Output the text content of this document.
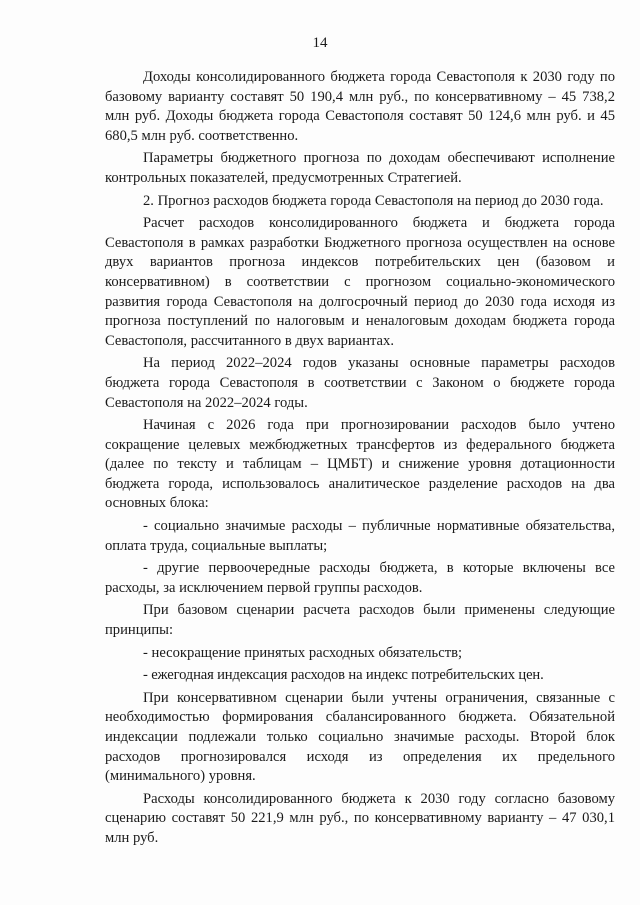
14

Доходы консолидированного бюджета города Севастополя к 2030 году по базовому варианту составят 50 190,4 млн руб., по консервативному – 45 738,2 млн руб. Доходы бюджета города Севастополя составят 50 124,6 млн руб. и 45 680,5 млн руб. соответственно.

Параметры бюджетного прогноза по доходам обеспечивают исполнение контрольных показателей, предусмотренных Стратегией.

2. Прогноз расходов бюджета города Севастополя на период до 2030 года.

Расчет расходов консолидированного бюджета и бюджета города Севастополя в рамках разработки Бюджетного прогноза осуществлен на основе двух вариантов прогноза индексов потребительских цен (базовом и консервативном) в соответствии с прогнозом социально-экономического развития города Севастополя на долгосрочный период до 2030 года исходя из прогноза поступлений по налоговым и неналоговым доходам бюджета города Севастополя, рассчитанного в двух вариантах.

На период 2022–2024 годов указаны основные параметры расходов бюджета города Севастополя в соответствии с Законом о бюджете города Севастополя на 2022–2024 годы.

Начиная с 2026 года при прогнозировании расходов было учтено сокращение целевых межбюджетных трансфертов из федерального бюджета (далее по тексту и таблицам – ЦМБТ) и снижение уровня дотационности бюджета города, использовалось аналитическое разделение расходов на два основных блока:

- социально значимые расходы – публичные нормативные обязательства, оплата труда, социальные выплаты;

- другие первоочередные расходы бюджета, в которые включены все расходы, за исключением первой группы расходов.

При базовом сценарии расчета расходов были применены следующие принципы:

- несокращение принятых расходных обязательств;

- ежегодная индексация расходов на индекс потребительских цен.

При консервативном сценарии были учтены ограничения, связанные с необходимостью формирования сбалансированного бюджета. Обязательной индексации подлежали только социально значимые расходы. Второй блок расходов прогнозировался исходя из определения их предельного (минимального) уровня.

Расходы консолидированного бюджета к 2030 году согласно базовому сценарию составят 50 221,9 млн руб., по консервативному варианту – 47 030,1 млн руб.
